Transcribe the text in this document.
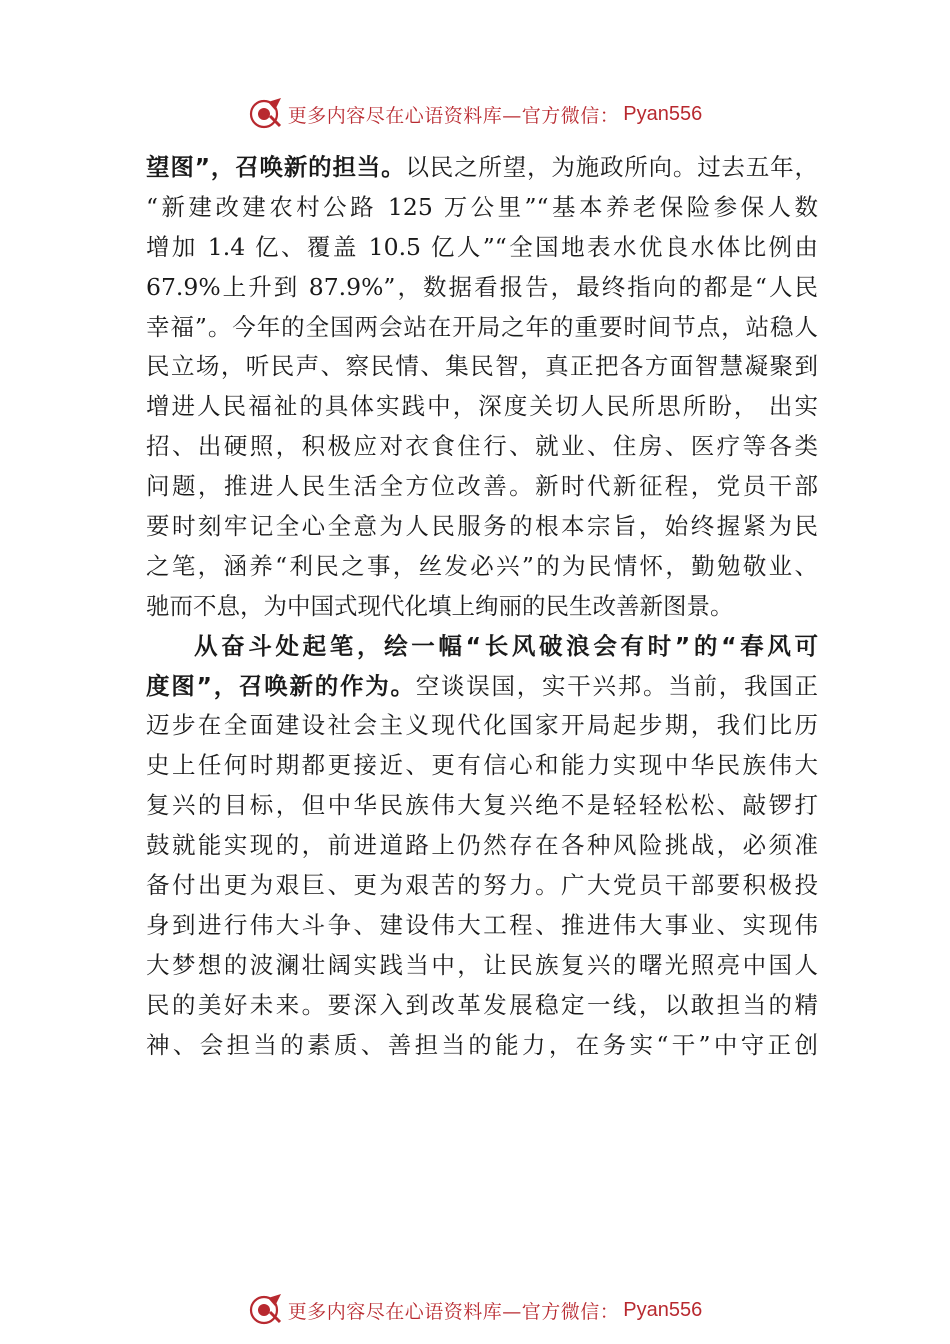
更多内容尽在心语资料库—官方微信： Pyan556
望图”，召唤新的担当。以民之所望，为施政所向。过去五年，
“新建改建农村公路 125 万公里”“基本养老保险参保人数
增加 1.4 亿、覆盖 10.5 亿人”“全国地表水优良水体比例由
67.9%上升到 87.9%”，数据看报告，最终指向的都是“人民
幸福”。今年的全国两会站在开局之年的重要时间节点，站稳人
民立场，听民声、察民情、集民智，真正把各方面智慧凝聚到
增进人民福祉的具体实践中，深度关切人民所思所盼， 出实
招、出硬照，积极应对衣食住行、就业、住房、医疗等各类
问题，推进人民生活全方位改善。新时代新征程，党员干部
要时刻牢记全心全意为人民服务的根本宗旨，始终握紧为民
之笔，涵养“利民之事，丝发必兴”的为民情怀，勤勉敬业、
驰而不息，为中国式现代化填上绚丽的民生改善新图景。
从奋斗处起笔，绘一幅“长风破浪会有时”的“春风可
度图”，召唤新的作为。空谈误国，实干兴邦。当前，我国正
迈步在全面建设社会主义现代化国家开局起步期，我们比历
史上任何时期都更接近、更有信心和能力实现中华民族伟大
复兴的目标，但中华民族伟大复兴绝不是轻轻松松、敲锣打
鼓就能实现的，前进道路上仍然存在各种风险挑战，必须准
备付出更为艰巨、更为艰苦的努力。广大党员干部要积极投
身到进行伟大斗争、建设伟大工程、推进伟大事业、实现伟
大梦想的波澜壮阔实践当中，让民族复兴的曙光照亮中国人
民的美好未来。要深入到改革发展稳定一线，以敢担当的精
神、会担当的素质、善担当的能力，在务实“干”中守正创
更多内容尽在心语资料库—官方微信： Pyan556
